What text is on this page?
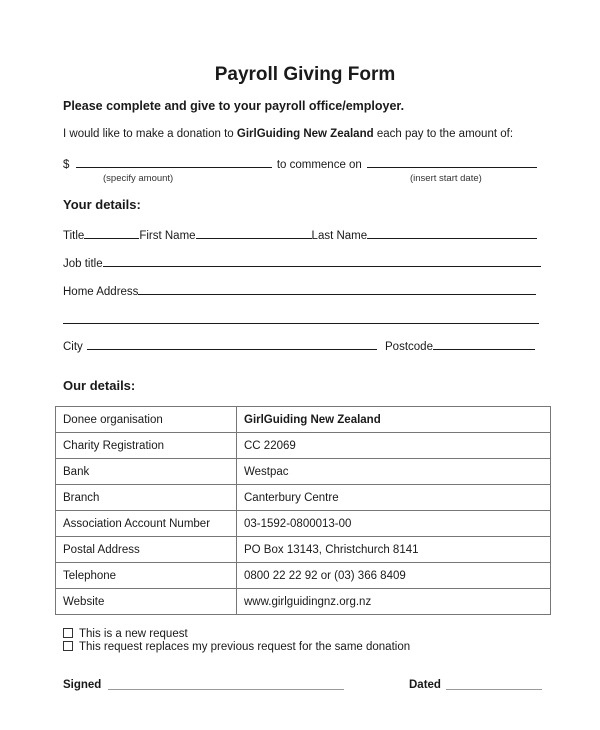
Payroll Giving Form
Please complete and give to your payroll office/employer.
I would like to make a donation to GirlGuiding New Zealand each pay to the amount of:
$	to commence on
(specify amount)	(insert start date)
Your details:
Title	First Name	Last Name
Job title
Home Address
City	Postcode
Our details:
Donee organisation	GirlGuiding New Zealand
Charity Registration	CC 22069
Bank	Westpac
Branch	Canterbury Centre
Association Account Number	03-1592-0800013-00
Postal Address	PO Box 13143, Christchurch 8141
Telephone	0800 22 22 92 or (03) 366 8409
Website	www.girlguidingnz.org.nz
This is a new request
This request replaces my previous request for the same donation
Signed	Dated
